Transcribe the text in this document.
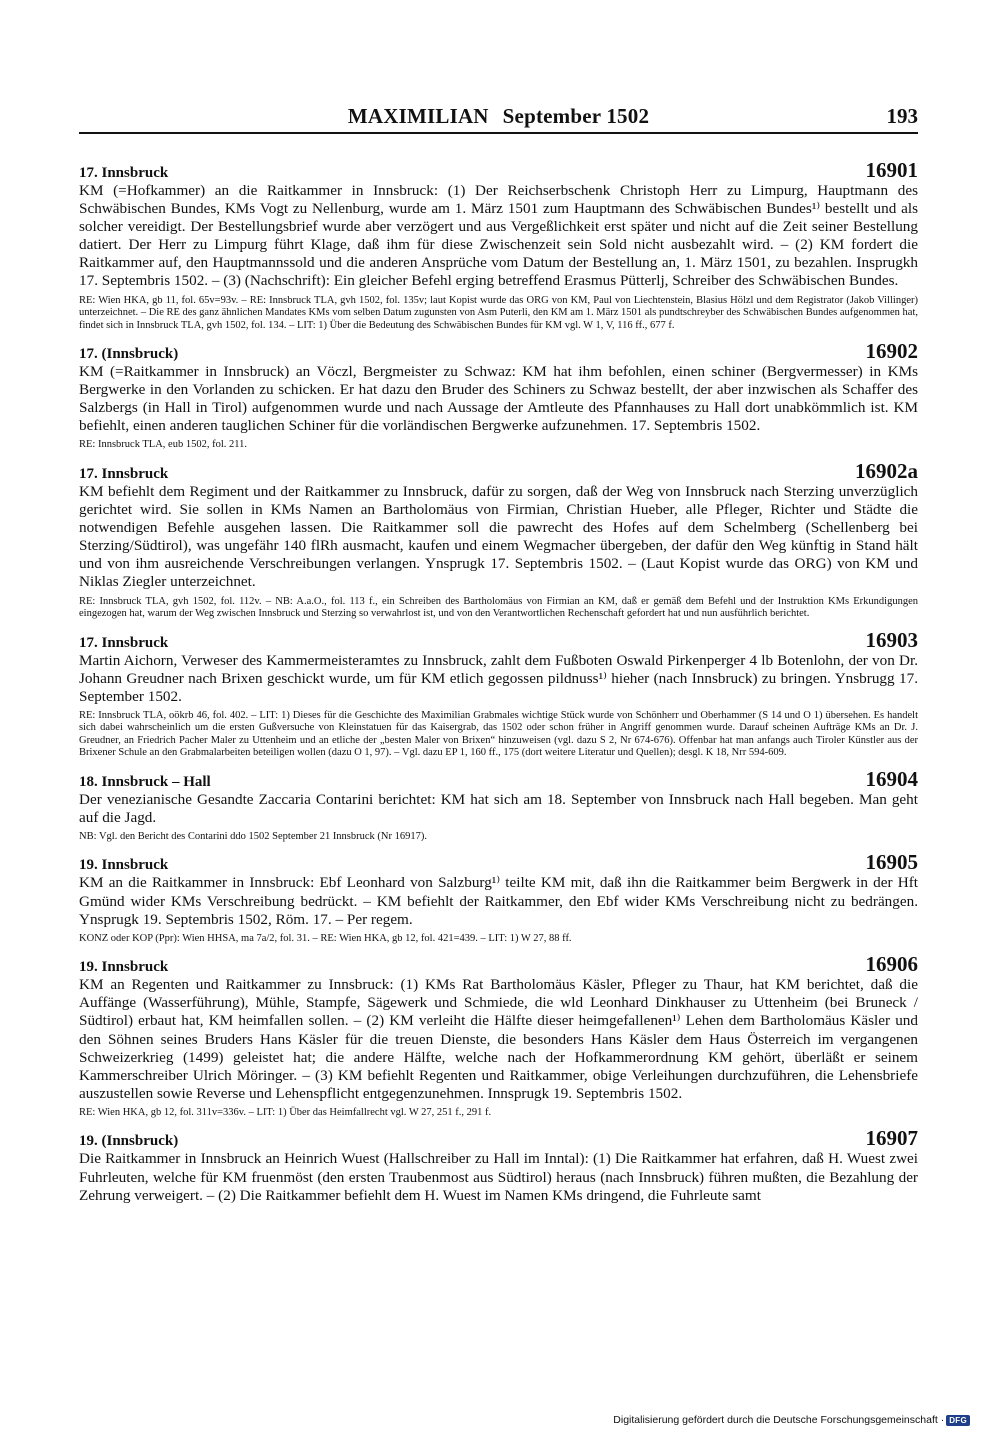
MAXIMILIAN September 1502	193
17. Innsbruck	16901

KM (=Hofkammer) an die Raitkammer in Innsbruck: (1) Der Reichserbschenk Christoph Herr zu Limpurg, Hauptmann des Schwäbischen Bundes, KMs Vogt zu Nellenburg, wurde am 1. März 1501 zum Hauptmann des Schwäbischen Bundes¹⁾ bestellt und als solcher vereidigt. Der Bestellungsbrief wurde aber verzögert und aus Vergeßlichkeit erst später und nicht auf die Zeit seiner Bestellung datiert. Der Herr zu Limpurg führt Klage, daß ihm für diese Zwischenzeit sein Sold nicht ausbezahlt wird. – (2) KM fordert die Raitkammer auf, den Hauptmannssold und die anderen Ansprüche vom Datum der Bestellung an, 1. März 1501, zu bezahlen. Insprugkh 17. Septembris 1502. – (3) (Nachschrift): Ein gleicher Befehl erging betreffend Erasmus Pütterlj, Schreiber des Schwäbischen Bundes.

RE: Wien HKA, gb 11, fol. 65v=93v. – RE: Innsbruck TLA, gvh 1502, fol. 135v; laut Kopist wurde das ORG von KM, Paul von Liechtenstein, Blasius Hölzl und dem Registrator (Jakob Villinger) unterzeichnet. – Die RE des ganz ähnlichen Mandates KMs vom selben Datum zugunsten von Asm Puterli, den KM am 1. März 1501 als pundtschreyber des Schwäbischen Bundes aufgenommen hat, findet sich in Innsbruck TLA, gvh 1502, fol. 134. – LIT: 1) Über die Bedeutung des Schwäbischen Bundes für KM vgl. W 1, V, 116 ff., 677 f.

17. (Innsbruck)	16902

KM (=Raitkammer in Innsbruck) an Vöczl, Bergmeister zu Schwaz: KM hat ihm befohlen, einen schiner (Bergvermesser) in KMs Bergwerke in den Vorlanden zu schicken. Er hat dazu den Bruder des Schiners zu Schwaz bestellt, der aber inzwischen als Schaffer des Salzbergs (in Hall in Tirol) aufgenommen wurde und nach Aussage der Amtleute des Pfannhauses zu Hall dort unabkömmlich ist. KM befiehlt, einen anderen tauglichen Schiner für die vorländischen Bergwerke aufzunehmen. 17. Septembris 1502.

RE: Innsbruck TLA, eub 1502, fol. 211.

17. Innsbruck	16902a

KM befiehlt dem Regiment und der Raitkammer zu Innsbruck, dafür zu sorgen, daß der Weg von Innsbruck nach Sterzing unverzüglich gerichtet wird. Sie sollen in KMs Namen an Bartholomäus von Firmian, Christian Hueber, alle Pfleger, Richter und Städte die notwendigen Befehle ausgehen lassen. Die Raitkammer soll die pawrecht des Hofes auf dem Schelmberg (Schellenberg bei Sterzing/Südtirol), was ungefähr 140 flRh ausmacht, kaufen und einem Wegmacher übergeben, der dafür den Weg künftig in Stand hält und von ihm ausreichende Verschreibungen verlangen. Ynsprugk 17. Septembris 1502. – (Laut Kopist wurde das ORG) von KM und Niklas Ziegler unterzeichnet.

RE: Innsbruck TLA, gvh 1502, fol. 112v. – NB: A.a.O., fol. 113 f., ein Schreiben des Bartholomäus von Firmian an KM, daß er gemäß dem Befehl und der Instruktion KMs Erkundigungen eingezogen hat, warum der Weg zwischen Innsbruck und Sterzing so verwahrlost ist, und von den Verantwortlichen Rechenschaft gefordert hat und nun ausführlich berichtet.

17. Innsbruck	16903

Martin Aichorn, Verweser des Kammermeisteramtes zu Innsbruck, zahlt dem Fußboten Oswald Pirkenperger 4 lb Botenlohn, der von Dr. Johann Greudner nach Brixen geschickt wurde, um für KM etlich gegossen pildnuss¹⁾ hieher (nach Innsbruck) zu bringen. Ynsbrugg 17. September 1502.

RE: Innsbruck TLA, oökrb 46, fol. 402. – LIT: 1) Dieses für die Geschichte des Maximilian Grabmales wichtige Stück wurde von Schönherr und Oberhammer (S 14 und O 1) übersehen. Es handelt sich dabei wahrscheinlich um die ersten Gußversuche von Kleinstatuen für das Kaisergrab, das 1502 oder schon früher in Angriff genommen wurde. Darauf scheinen Aufträge KMs an Dr. J. Greudner, an Friedrich Pacher Maler zu Uttenheim und an etliche der „besten Maler von Brixen“ hinzuweisen (vgl. dazu S 2, Nr 674-676). Offenbar hat man anfangs auch Tiroler Künstler aus der Brixener Schule an den Grabmalarbeiten beteiligen wollen (dazu O 1, 97). – Vgl. dazu EP 1, 160 ff., 175 (dort weitere Literatur und Quellen); desgl. K 18, Nrr 594-609.

18. Innsbruck – Hall	16904

Der venezianische Gesandte Zaccaria Contarini berichtet: KM hat sich am 18. September von Innsbruck nach Hall begeben. Man geht auf die Jagd.

NB: Vgl. den Bericht des Contarini ddo 1502 September 21 Innsbruck (Nr 16917).

19. Innsbruck	16905

KM an die Raitkammer in Innsbruck: Ebf Leonhard von Salzburg¹⁾ teilte KM mit, daß ihn die Raitkammer beim Bergwerk in der Hft Gmünd wider KMs Verschreibung bedrückt. – KM befiehlt der Raitkammer, den Ebf wider KMs Verschreibung nicht zu bedrängen. Ynsprugk 19. Septembris 1502, Röm. 17. – Per regem.

KONZ oder KOP (Ppr): Wien HHSA, ma 7a/2, fol. 31. – RE: Wien HKA, gb 12, fol. 421=439. – LIT: 1) W 27, 88 ff.

19. Innsbruck	16906

KM an Regenten und Raitkammer zu Innsbruck: (1) KMs Rat Bartholomäus Käsler, Pfleger zu Thaur, hat KM berichtet, daß die Auffänge (Wasserführung), Mühle, Stampfe, Sägewerk und Schmiede, die wld Leonhard Dinkhauser zu Uttenheim (bei Bruneck / Südtirol) erbaut hat, KM heimfallen sollen. – (2) KM verleiht die Hälfte dieser heimgefallenen¹⁾ Lehen dem Bartholomäus Käsler und den Söhnen seines Bruders Hans Käsler für die treuen Dienste, die besonders Hans Käsler dem Haus Österreich im vergangenen Schweizerkrieg (1499) geleistet hat; die andere Hälfte, welche nach der Hofkammerordnung KM gehört, überläßt er seinem Kammerschreiber Ulrich Möringer. – (3) KM befiehlt Regenten und Raitkammer, obige Verleihungen durchzuführen, die Lehensbriefe auszustellen sowie Reverse und Lehenspflicht entgegenzunehmen. Innsprugk 19. Septembris 1502.

RE: Wien HKA, gb 12, fol. 311v=336v. – LIT: 1) Über das Heimfallrecht vgl. W 27, 251 f., 291 f.

19. (Innsbruck)	16907

Die Raitkammer in Innsbruck an Heinrich Wuest (Hallschreiber zu Hall im Inntal): (1) Die Raitkammer hat erfahren, daß H. Wuest zwei Fuhrleuten, welche für KM fruenmöst (den ersten Traubenmost aus Südtirol) heraus (nach Innsbruck) führen mußten, die Bezahlung der Zehrung verweigert. – (2) Die Raitkammer befiehlt dem H. Wuest im Namen KMs dringend, die Fuhrleute samt

Digitalisierung gefördert durch die Deutsche Forschungsgemeinschaft · DFG
